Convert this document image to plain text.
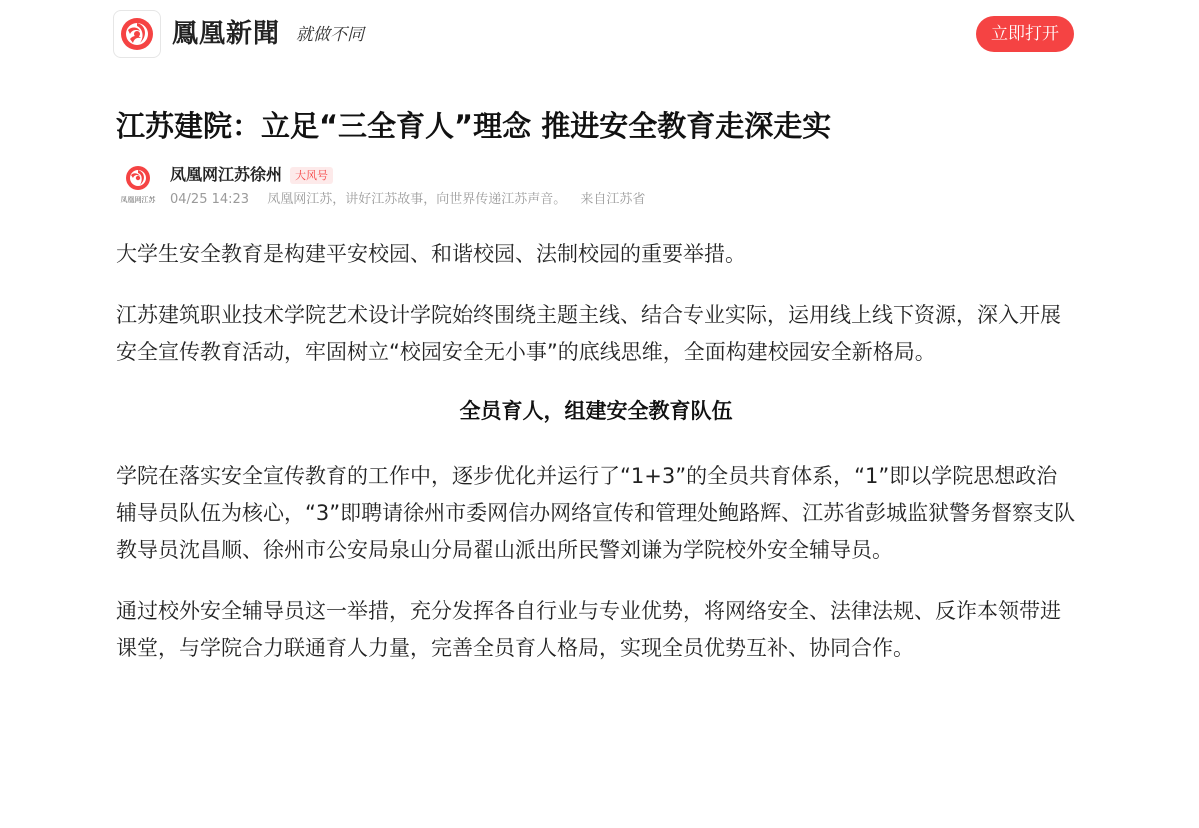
鳳凰新聞 就做不同	立即打开
江苏建院：立足“三全育人”理念 推进安全教育走深走实
凤凰网江苏
凤凰网江苏徐州	大风号
04/25 14:23 凤凰网江苏，讲好江苏故事，向世界传递江苏声音。 来自江苏省

大学生安全教育是构建平安校园、和谐校园、法制校园的重要举措。

江苏建筑职业技术学院艺术设计学院始终围绕主题主线、结合专业实际，运用线上线下资源，深入开展安全宣传教育活动，牢固树立“校园安全无小事”的底线思维，全面构建校园安全新格局。

全员育人，组建安全教育队伍

学院在落实安全宣传教育的工作中，逐步优化并运行了“1+3”的全员共育体系，“1”即以学院思想政治辅导员队伍为核心，“3”即聘请徐州市委网信办网络宣传和管理处鲍路辉、江苏省彭城监狱警务督察支队教导员沈昌顺、徐州市公安局泉山分局翟山派出所民警刘谦为学院校外安全辅导员。

通过校外安全辅导员这一举措，充分发挥各自行业与专业优势，将网络安全、法律法规、反诈本领带进课堂，与学院合力联通育人力量，完善全员育人格局，实现全员优势互补、协同合作。
